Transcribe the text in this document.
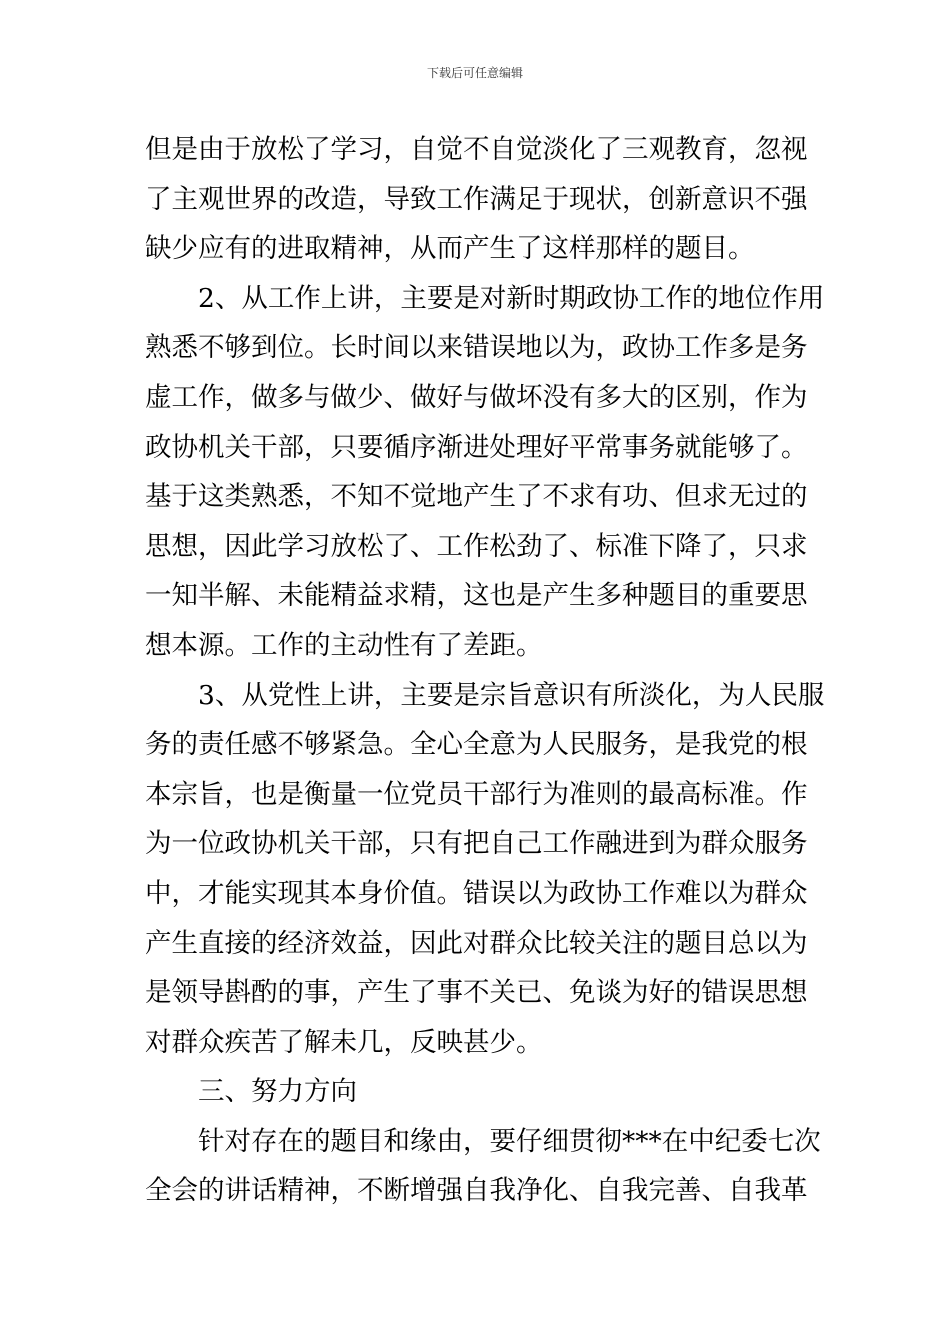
下载后可任意编辑
但是由于放松了学习，自觉不自觉淡化了三观教育，忽视
了主观世界的改造，导致工作满足于现状，创新意识不强
缺少应有的进取精神，从而产生了这样那样的题目。
　　2、从工作上讲，主要是对新时期政协工作的地位作用
熟悉不够到位。长时间以来错误地以为，政协工作多是务
虚工作，做多与做少、做好与做坏没有多大的区别，作为
政协机关干部，只要循序渐进处理好平常事务就能够了。
基于这类熟悉，不知不觉地产生了不求有功、但求无过的
思想，因此学习放松了、工作松劲了、标准下降了，只求
一知半解、未能精益求精，这也是产生多种题目的重要思
想本源。工作的主动性有了差距。
　　3、从党性上讲，主要是宗旨意识有所淡化，为人民服
务的责任感不够紧急。全心全意为人民服务，是我党的根
本宗旨，也是衡量一位党员干部行为准则的最高标准。作
为一位政协机关干部，只有把自己工作融进到为群众服务
中，才能实现其本身价值。错误以为政协工作难以为群众
产生直接的经济效益，因此对群众比较关注的题目总以为
是领导斟酌的事，产生了事不关已、免谈为好的错误思想
对群众疾苦了解未几，反映甚少。
　　三、努力方向
　　针对存在的题目和缘由，要仔细贯彻***在中纪委七次
全会的讲话精神，不断增强自我净化、自我完善、自我革
